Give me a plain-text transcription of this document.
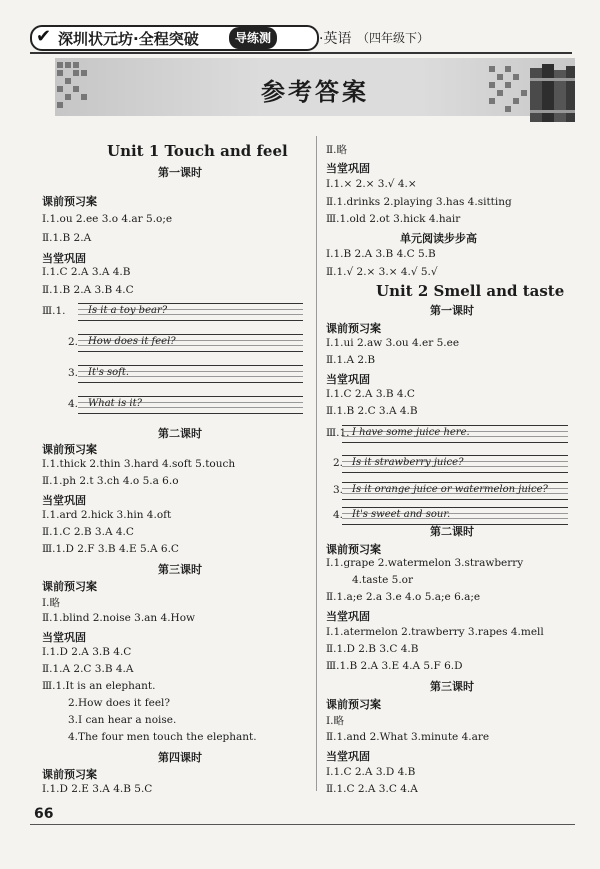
✔ 深圳状元坊·全程突破	导练测	·英语 （四年级下）
参考答案
Unit 1 Touch and feel
第一课时
课前预习案
Ⅰ.1.ou 2.ee 3.o 4.ar 5.o;e
Ⅱ.1.B 2.A
当堂巩固
Ⅰ.1.C 2.A 3.A 4.B
Ⅱ.1.B 2.A 3.B 4.C
Ⅲ.1. Is it a toy bear?
2. How does it feel?
3. It's soft.
4. What is it?
第二课时
课前预习案
Ⅰ.1.thick 2.thin 3.hard 4.soft 5.touch
Ⅱ.1.ph 2.t 3.ch 4.o 5.a 6.o
当堂巩固
Ⅰ.1.ard 2.hick 3.hin 4.oft
Ⅱ.1.C 2.B 3.A 4.C
Ⅲ.1.D 2.F 3.B 4.E 5.A 6.C
第三课时
课前预习案
Ⅰ.略
Ⅱ.1.blind 2.noise 3.an 4.How
当堂巩固
Ⅰ.1.D 2.A 3.B 4.C
Ⅱ.1.A 2.C 3.B 4.A
Ⅲ.1.It is an elephant.
2.How does it feel?
3.I can hear a noise.
4.The four men touch the elephant.
第四课时
课前预习案
Ⅰ.1.D 2.E 3.A 4.B 5.C
Ⅱ.略
当堂巩固
Ⅰ.1.× 2.× 3.√ 4.×
Ⅱ.1.drinks 2.playing 3.has 4.sitting
Ⅲ.1.old 2.ot 3.hick 4.hair
单元阅读步步高
Ⅰ.1.B 2.A 3.B 4.C 5.B
Ⅱ.1.√ 2.× 3.× 4.√ 5.√
Unit 2 Smell and taste
第一课时
课前预习案
Ⅰ.1.ui 2.aw 3.ou 4.er 5.ee
Ⅱ.1.A 2.B
当堂巩固
Ⅰ.1.C 2.A 3.B 4.C
Ⅱ.1.B 2.C 3.A 4.B
Ⅲ.1. I have some juice here.
2. Is it strawberry juice?
3. Is it orange juice or watermelon juice?
4. It's sweet and sour.
第二课时
课前预习案
Ⅰ.1.grape 2.watermelon 3.strawberry
4.taste 5.or
Ⅱ.1.a;e 2.a 3.e 4.o 5.a;e 6.a;e
当堂巩固
Ⅰ.1.atermelon 2.trawberry 3.rapes 4.mell
Ⅱ.1.D 2.B 3.C 4.B
Ⅲ.1.B 2.A 3.E 4.A 5.F 6.D
第三课时
课前预习案
Ⅰ.略
Ⅱ.1.and 2.What 3.minute 4.are
当堂巩固
Ⅰ.1.C 2.A 3.D 4.B
Ⅱ.1.C 2.A 3.C 4.A
66
